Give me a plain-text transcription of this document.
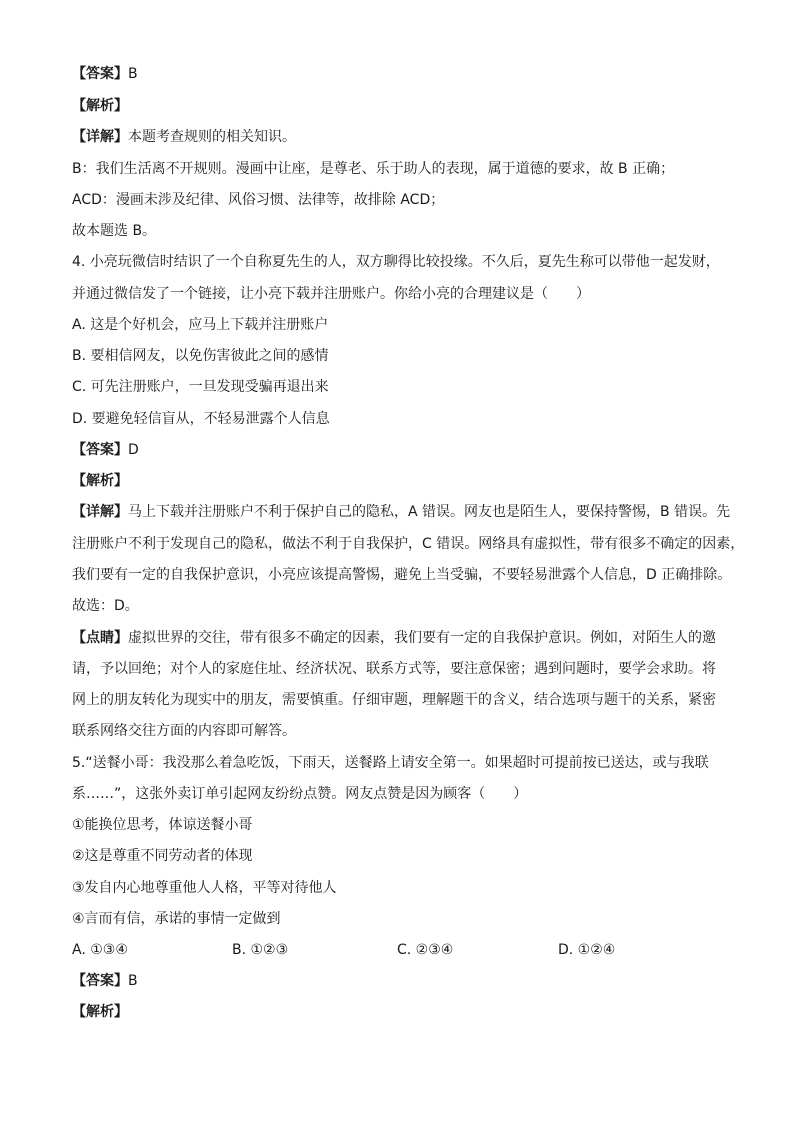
【答案】B
【解析】
【详解】本题考查规则的相关知识。
B：我们生活离不开规则。漫画中让座，是尊老、乐于助人的表现，属于道德的要求，故 B 正确；
ACD：漫画未涉及纪律、风俗习惯、法律等，故排除 ACD；
故本题选 B。
4. 小亮玩微信时结识了一个自称夏先生的人，双方聊得比较投缘。不久后，夏先生称可以带他一起发财，
并通过微信发了一个链接，让小亮下载并注册账户。你给小亮的合理建议是（　　）
A. 这是个好机会，应马上下载并注册账户
B. 要相信网友，以免伤害彼此之间的感情
C. 可先注册账户，一旦发现受骗再退出来
D. 要避免轻信盲从，不轻易泄露个人信息
【答案】D
【解析】
【详解】马上下载并注册账户不利于保护自己的隐私，A 错误。网友也是陌生人，要保持警惕，B 错误。先
注册账户不利于发现自己的隐私，做法不利于自我保护，C 错误。网络具有虚拟性，带有很多不确定的因素，
我们要有一定的自我保护意识，小亮应该提高警惕，避免上当受骗，不要轻易泄露个人信息，D 正确排除。
故选：D。
【点睛】虚拟世界的交往，带有很多不确定的因素，我们要有一定的自我保护意识。例如，对陌生人的邀
请，予以回绝；对个人的家庭住址、经济状况、联系方式等，要注意保密；遇到问题时，要学会求助。将
网上的朋友转化为现实中的朋友，需要慎重。仔细审题，理解题干的含义，结合选项与题干的关系，紧密
联系网络交往方面的内容即可解答。
5.“送餐小哥：我没那么着急吃饭，下雨天，送餐路上请安全第一。如果超时可提前按已送达，或与我联
系……”，这张外卖订单引起网友纷纷点赞。网友点赞是因为顾客（　　）
①能换位思考，体谅送餐小哥
②这是尊重不同劳动者的体现
③发自内心地尊重他人人格，平等对待他人
④言而有信，承诺的事情一定做到
A. ①③④	B. ①②③	C. ②③④	D. ①②④
【答案】B
【解析】
